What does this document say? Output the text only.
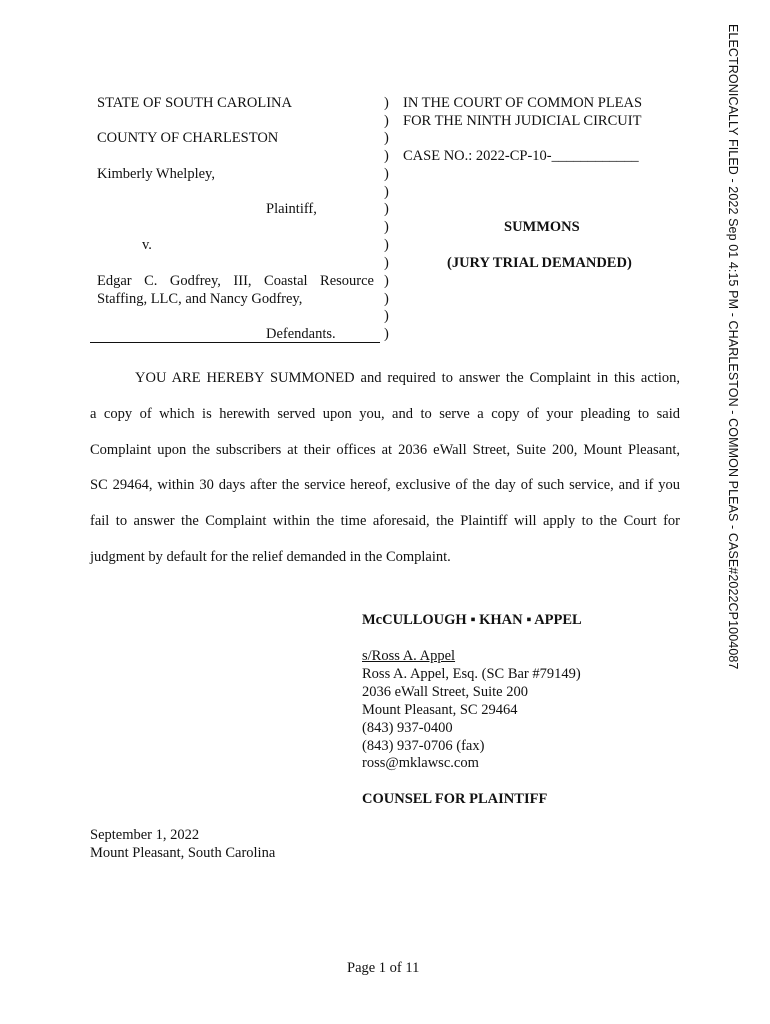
ELECTRONICALLY FILED - 2022 Sep 01 4:15 PM - CHARLESTON - COMMON PLEAS - CASE#2022CP1004087
STATE OF SOUTH CAROLINA
COUNTY OF CHARLESTON
Kimberly Whelpley,
Plaintiff,
v.
Edgar C. Godfrey, III, Coastal Resource
Staffing, LLC, and Nancy Godfrey,
Defendants.
)
)
)
)
)
)
)
)
)
)
)
)
)
)
IN THE COURT OF COMMON PLEAS
FOR THE NINTH JUDICIAL CIRCUIT
CASE NO.: 2022-CP-10-____________
SUMMONS
(JURY TRIAL DEMANDED)
YOU ARE HEREBY SUMMONED and required to answer the Complaint in this action,
a copy of which is herewith served upon you, and to serve a copy of your pleading to said
Complaint upon the subscribers at their offices at 2036 eWall Street, Suite 200, Mount Pleasant,
SC 29464, within 30 days after the service hereof, exclusive of the day of such service, and if you
fail to answer the Complaint within the time aforesaid, the Plaintiff will apply to the Court for
judgment by default for the relief demanded in the Complaint.
McCULLOUGH ▪ KHAN ▪ APPEL
s/Ross A. Appel
Ross A. Appel, Esq. (SC Bar #79149)
2036 eWall Street, Suite 200
Mount Pleasant, SC 29464
(843) 937-0400
(843) 937-0706 (fax)
ross@mklawsc.com
COUNSEL FOR PLAINTIFF
September 1, 2022
Mount Pleasant, South Carolina
Page 1 of 11
